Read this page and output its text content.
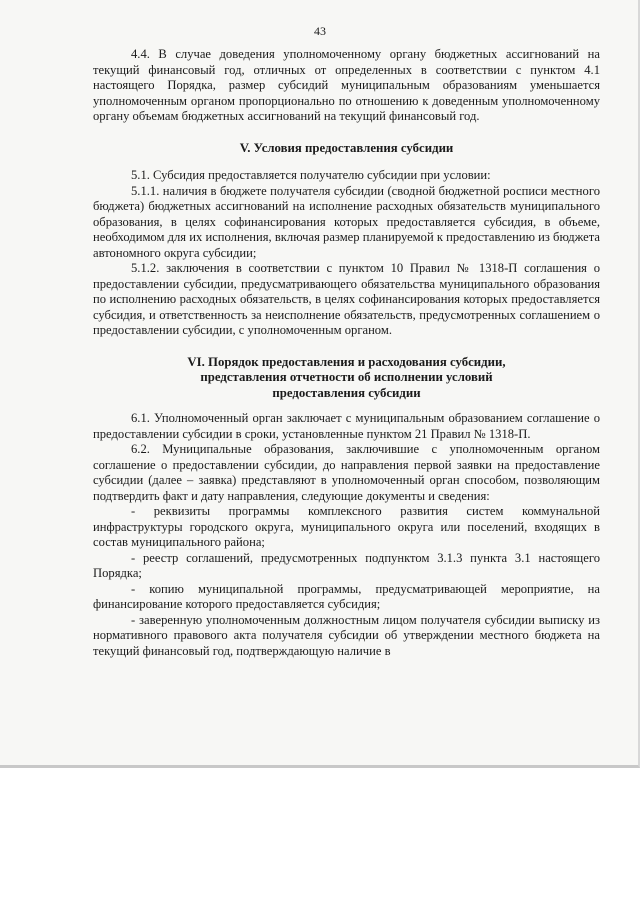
43

4.4. В случае доведения уполномоченному органу бюджетных ассигнований на текущий финансовый год, отличных от определенных в соответствии с пунктом 4.1 настоящего Порядка, размер субсидий муниципальным образованиям уменьшается уполномоченным органом пропорционально по отношению к доведенным уполномоченному органу объемам бюджетных ассигнований на текущий финансовый год.

V. Условия предоставления субсидии

5.1. Субсидия предоставляется получателю субсидии при условии:

5.1.1. наличия в бюджете получателя субсидии (сводной бюджетной росписи местного бюджета) бюджетных ассигнований на исполнение расходных обязательств муниципального образования, в целях софинансирования которых предоставляется субсидия, в объеме, необходимом для их исполнения, включая размер планируемой к предоставлению из бюджета автономного округа субсидии;

5.1.2. заключения в соответствии с пунктом 10 Правил № 1318-П соглашения о предоставлении субсидии, предусматривающего обязательства муниципального образования по исполнению расходных обязательств, в целях софинансирования которых предоставляется субсидия, и ответственность за неисполнение обязательств, предусмотренных соглашением о предоставлении субсидии, с уполномоченным органом.

VI. Порядок предоставления и расходования субсидии,
представления отчетности об исполнении условий
предоставления субсидии

6.1. Уполномоченный орган заключает с муниципальным образованием соглашение о предоставлении субсидии в сроки, установленные пунктом 21 Правил № 1318-П.

6.2. Муниципальные образования, заключившие с уполномоченным органом соглашение о предоставлении субсидии, до направления первой заявки на предоставление субсидии (далее – заявка) представляют в уполномоченный орган способом, позволяющим подтвердить факт и дату направления, следующие документы и сведения:

- реквизиты программы комплексного развития систем коммунальной инфраструктуры городского округа, муниципального округа или поселений, входящих в состав муниципального района;

- реестр соглашений, предусмотренных подпунктом 3.1.3 пункта 3.1 настоящего Порядка;

- копию муниципальной программы, предусматривающей мероприятие, на финансирование которого предоставляется субсидия;

- заверенную уполномоченным должностным лицом получателя субсидии выписку из нормативного правового акта получателя субсидии об утверждении местного бюджета на текущий финансовый год, подтверждающую наличие в
